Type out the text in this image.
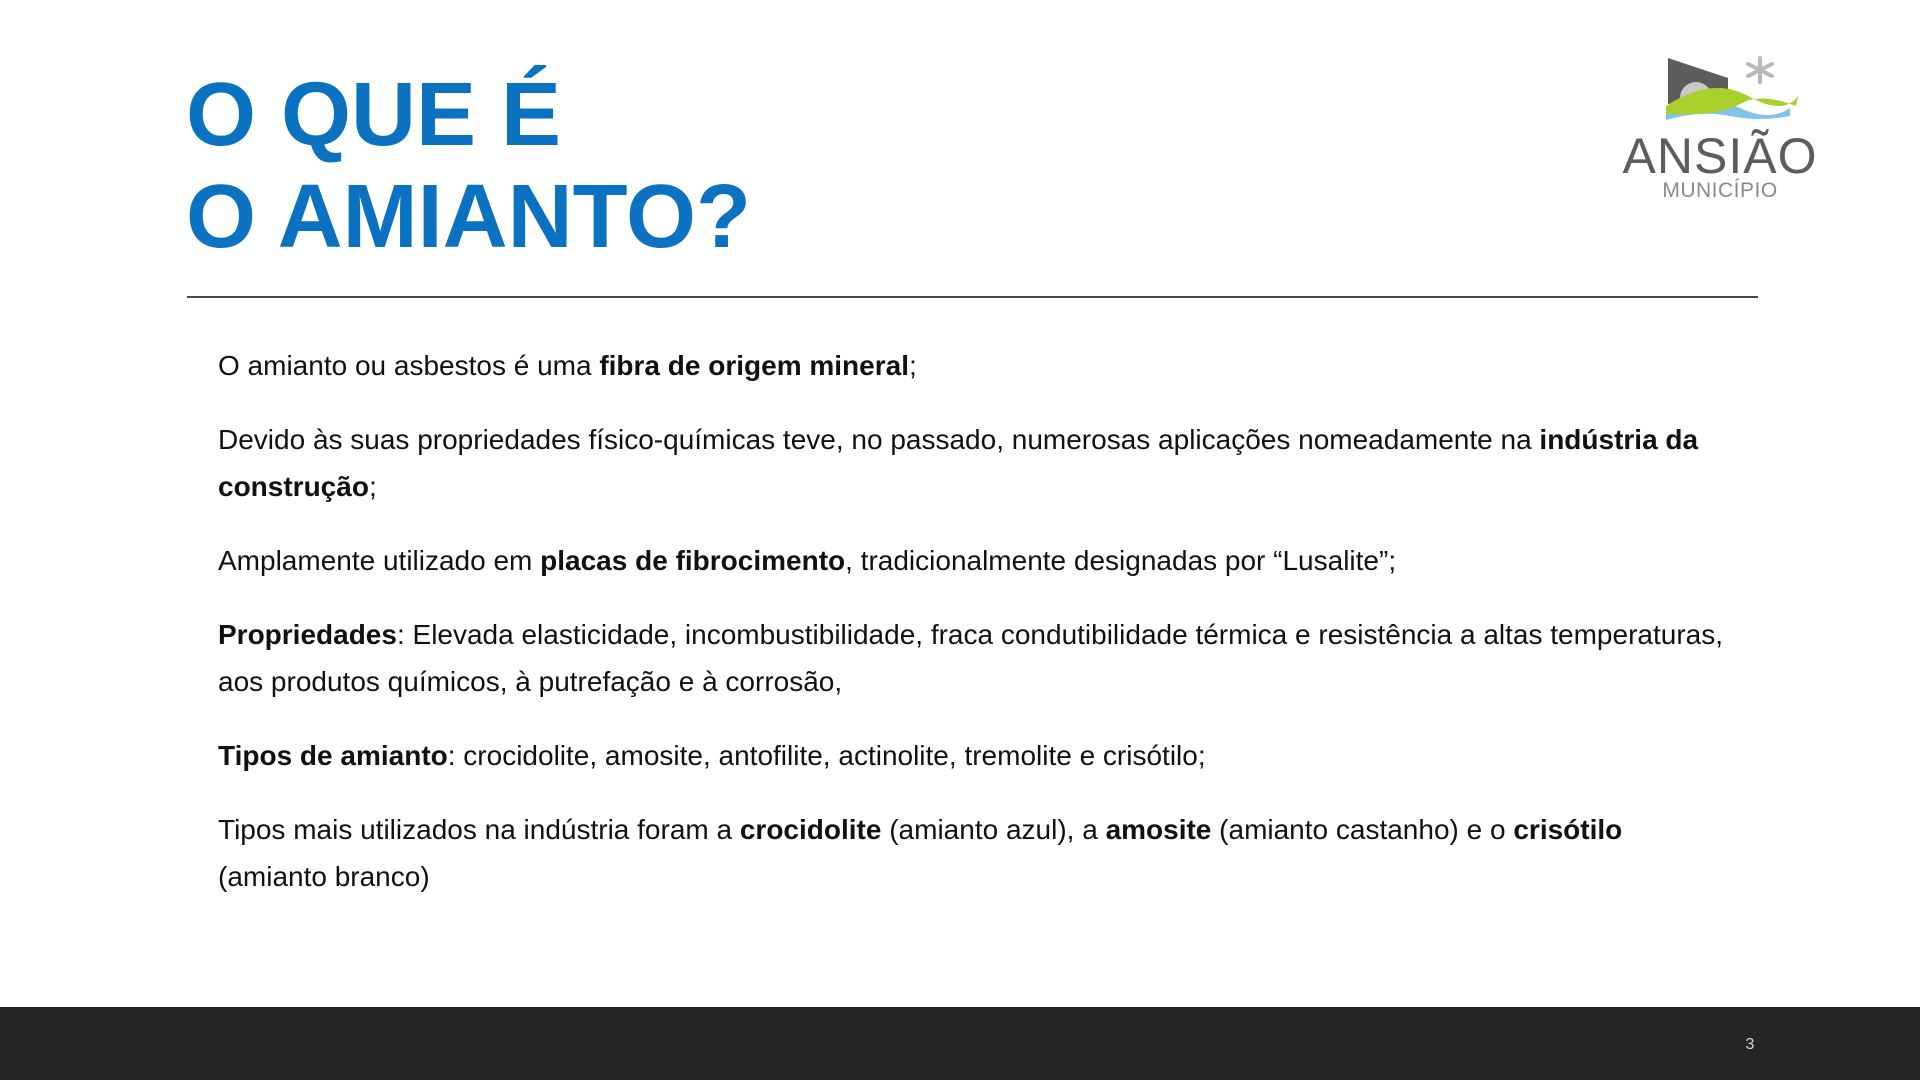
O QUE É
O AMIANTO?
ANSIÃO
MUNICÍPIO

O amianto ou asbestos é uma fibra de origem mineral;

Devido às suas propriedades físico-químicas teve, no passado, numerosas aplicações nomeadamente na indústria da construção;

Amplamente utilizado em placas de fibrocimento, tradicionalmente designadas por “Lusalite”;

Propriedades: Elevada elasticidade, incombustibilidade, fraca condutibilidade térmica e resistência a altas temperaturas, aos produtos químicos, à putrefação e à corrosão,

Tipos de amianto: crocidolite, amosite, antofilite, actinolite, tremolite e crisótilo;

Tipos mais utilizados na indústria foram a crocidolite (amianto azul), a amosite (amianto castanho) e o crisótilo (amianto branco)

3
